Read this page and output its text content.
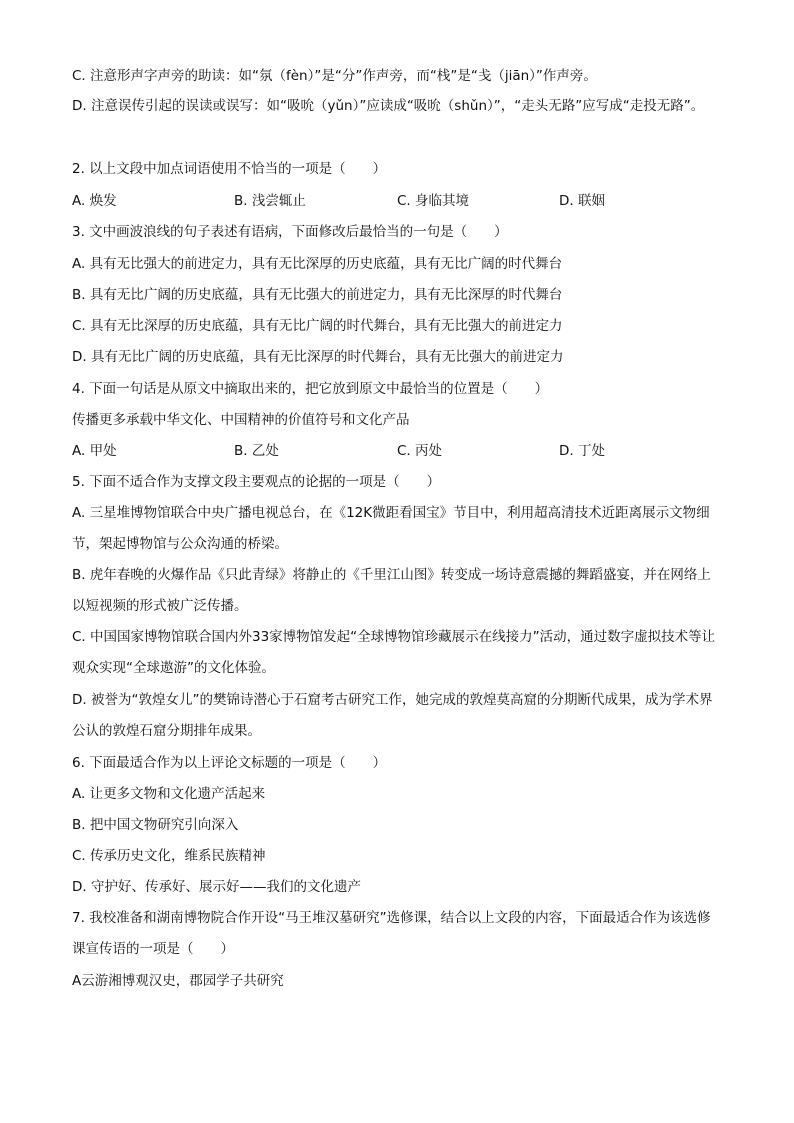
C. 注意形声字声旁的助读：如“氛（fèn）”是“分”作声旁，而“栈”是“戋（jiān）”作声旁。
D. 注意误传引起的误读或误写：如“吸吮（yǔn）”应读成“吸吮（shǔn）”，“走头无路”应写成“走投无路”。
2. 以上文段中加点词语使用不恰当的一项是（　　）
A. 焕发	B. 浅尝辄止	C. 身临其境	D. 联姻
3. 文中画波浪线的句子表述有语病，下面修改后最恰当的一句是（　　）
A. 具有无比强大的前进定力，具有无比深厚的历史底蕴，具有无比广阔的时代舞台
B. 具有无比广阔的历史底蕴，具有无比强大的前进定力，具有无比深厚的时代舞台
C. 具有无比深厚的历史底蕴，具有无比广阔的时代舞台，具有无比强大的前进定力
D. 具有无比广阔的历史底蕴，具有无比深厚的时代舞台，具有无比强大的前进定力
4. 下面一句话是从原文中摘取出来的，把它放到原文中最恰当的位置是（　　）
传播更多承载中华文化、中国精神的价值符号和文化产品
A. 甲处	B. 乙处	C. 丙处	D. 丁处
5. 下面不适合作为支撑文段主要观点的论据的一项是（　　）
A. 三星堆博物馆联合中央广播电视总台，在《12K微距看国宝》节目中，利用超高清技术近距离展示文物细节，架起博物馆与公众沟通的桥梁。
B. 虎年春晚的火爆作品《只此青绿》将静止的《千里江山图》转变成一场诗意震撼的舞蹈盛宴，并在网络上以短视频的形式被广泛传播。
C. 中国国家博物馆联合国内外33家博物馆发起“全球博物馆珍藏展示在线接力”活动，通过数字虚拟技术等让观众实现“全球遨游”的文化体验。
D. 被誉为“敦煌女儿”的樊锦诗潜心于石窟考古研究工作，她完成的敦煌莫高窟的分期断代成果，成为学术界公认的敦煌石窟分期排年成果。
6. 下面最适合作为以上评论文标题的一项是（　　）
A. 让更多文物和文化遗产活起来
B. 把中国文物研究引向深入
C. 传承历史文化，维系民族精神
D. 守护好、传承好、展示好——我们的文化遗产
7. 我校准备和湖南博物院合作开设“马王堆汉墓研究”选修课，结合以上文段的内容，下面最适合作为该选修课宣传语的一项是（　　）
A云游湘博观汉史，郡园学子共研究
